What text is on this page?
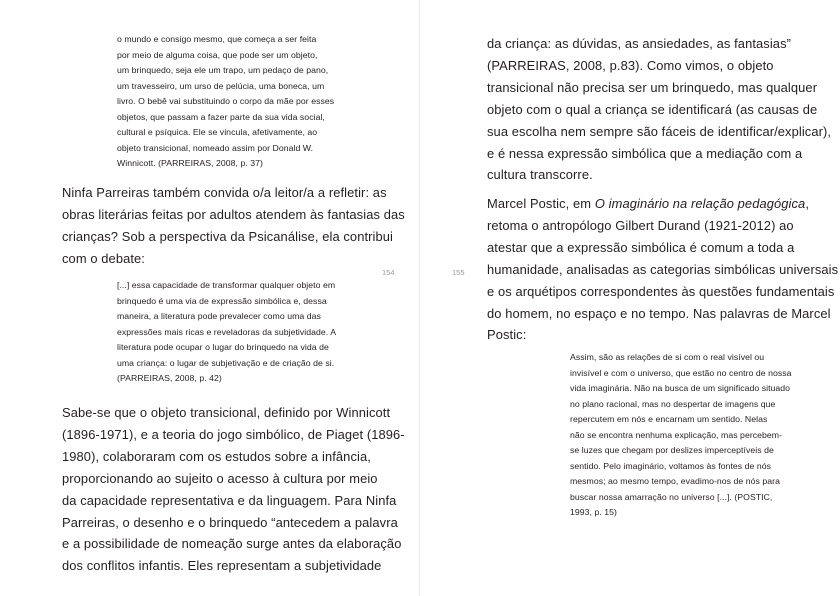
o mundo e consigo mesmo, que começa a ser feita
por meio de alguma coisa, que pode ser um objeto,
um brinquedo, seja ele um trapo, um pedaço de pano,
um travesseiro, um urso de pelúcia, uma boneca, um
livro. O bebê vai substituindo o corpo da mãe por esses
objetos, que passam a fazer parte da sua vida social,
cultural e psíquica. Ele se vincula, afetivamente, ao
objeto transicional, nomeado assim por Donald W.
Winnicott. (PARREIRAS, 2008, p. 37)
Ninfa Parreiras também convida o/a leitor/a a refletir: as
obras literárias feitas por adultos atendem às fantasias das
crianças? Sob a perspectiva da Psicanálise, ela contribui
com o debate:
154
[...] essa capacidade de transformar qualquer objeto em
brinquedo é uma via de expressão simbólica e, dessa
maneira, a literatura pode prevalecer como uma das
expressões mais ricas e reveladoras da subjetividade. A
literatura pode ocupar o lugar do brinquedo na vida de
uma criança: o lugar de subjetivação e de criação de si.
(PARREIRAS, 2008, p. 42)
Sabe-se que o objeto transicional, definido por Winnicott
(1896-1971), e a teoria do jogo simbólico, de Piaget (1896-
1980), colaboraram com os estudos sobre a infância,
proporcionando ao sujeito o acesso à cultura por meio
da capacidade representativa e da linguagem. Para Ninfa
Parreiras, o desenho e o brinquedo “antecedem a palavra
e a possibilidade de nomeação surge antes da elaboração
dos conflitos infantis. Eles representam a subjetividade
155
da criança: as dúvidas, as ansiedades, as fantasias”
(PARREIRAS, 2008, p.83). Como vimos, o objeto
transicional não precisa ser um brinquedo, mas qualquer
objeto com o qual a criança se identificará (as causas de
sua escolha nem sempre são fáceis de identificar/explicar),
e é nessa expressão simbólica que a mediação com a
cultura transcorre.
Marcel Postic, em O imaginário na relação pedagógica,
retoma o antropólogo Gilbert Durand (1921-2012) ao
atestar que a expressão simbólica é comum a toda a
humanidade, analisadas as categorias simbólicas universais
e os arquétipos correspondentes às questões fundamentais
do homem, no espaço e no tempo. Nas palavras de Marcel
Postic:
Assim, são as relações de si com o real visível ou
invisível e com o universo, que estão no centro de nossa
vida imaginária. Não na busca de um significado situado
no plano racional, mas no despertar de imagens que
repercutem em nós e encarnam um sentido. Nelas
não se encontra nenhuma explicação, mas percebem-
se luzes que chegam por deslizes imperceptíveis de
sentido. Pelo imaginário, voltamos às fontes de nós
mesmos; ao mesmo tempo, evadimo-nos de nós para
buscar nossa amarração no universo [...]. (POSTIC,
1993, p. 15)
